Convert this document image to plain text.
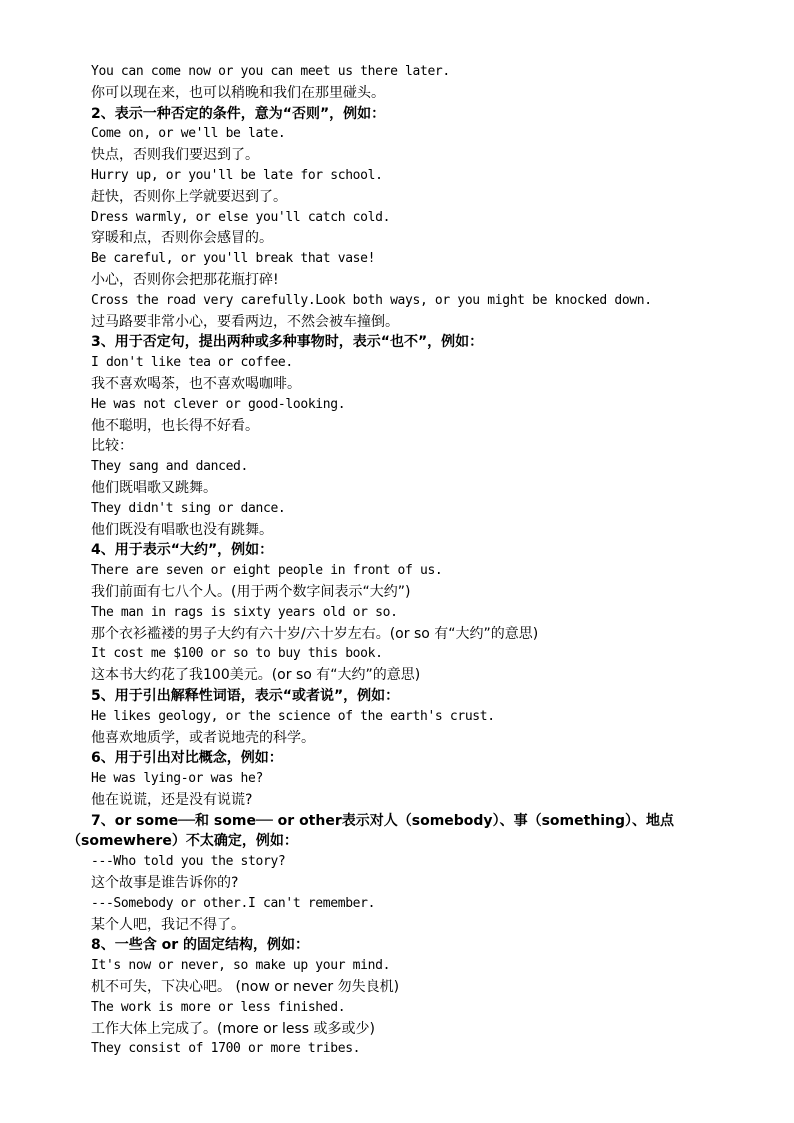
You can come now or you can meet us there later.
你可以现在来，也可以稍晚和我们在那里碰头。
2、表示一种否定的条件，意为“否则”，例如：
Come on, or we'll be late.
快点，否则我们要迟到了。
Hurry up, or you'll be late for school.
赶快，否则你上学就要迟到了。
Dress warmly, or else you'll catch cold.
穿暖和点，否则你会感冒的。
Be careful, or you'll break that vase!
小心，否则你会把那花瓶打碎!
Cross the road very carefully.Look both ways, or you might be knocked down.
过马路要非常小心，要看两边，不然会被车撞倒。
3、用于否定句，提出两种或多种事物时，表示“也不”，例如：
I don't like tea or coffee.
我不喜欢喝茶，也不喜欢喝咖啡。
He was not clever or good-looking.
他不聪明，也长得不好看。
比较：
They sang and danced.
他们既唱歌又跳舞。
They didn't sing or dance.
他们既没有唱歌也没有跳舞。
4、用于表示“大约”，例如：
There are seven or eight people in front of us.
我们前面有七八个人。(用于两个数字间表示“大约”)
The man in rags is sixty years old or so.
那个衣衫褴褛的男子大约有六十岁/六十岁左右。(or so 有“大约”的意思)
It cost me $100 or so to buy this book.
这本书大约花了我100美元。(or so 有“大约”的意思)
5、用于引出解释性词语，表示“或者说”，例如：
He likes geology, or the science of the earth's crust.
他喜欢地质学，或者说地壳的科学。
6、用于引出对比概念，例如：
He was lying-or was he?
他在说谎，还是没有说谎?
7、or some──和 some── or other表示对人（somebody）、事（something）、地点
（somewhere）不太确定，例如：
---Who told you the story?
这个故事是谁告诉你的?
---Somebody or other.I can't remember.
某个人吧，我记不得了。
8、一些含 or 的固定结构，例如：
It's now or never, so make up your mind.
机不可失，下决心吧。 (now or never 勿失良机)
The work is more or less finished.
工作大体上完成了。(more or less 或多或少)
They consist of 1700 or more tribes.
